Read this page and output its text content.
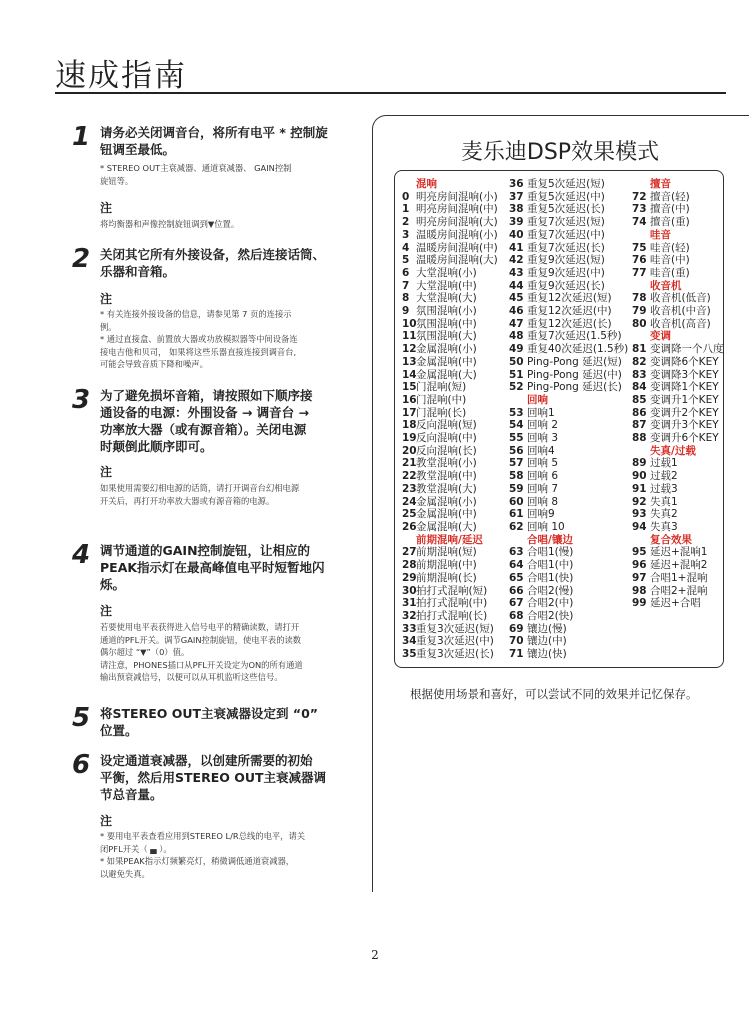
速成指南
1 请务必关闭调音台，将所有电平 * 控制旋
钮调至最低。
* STEREO OUT主衰减器、通道衰减器、 GAIN控制
旋钮等。
注
将均衡器和声像控制旋钮调到▼位置。
2 关闭其它所有外接设备，然后连接话筒、
乐器和音箱。
注
* 有关连接外接设备的信息，请参见第 7 页的连接示
例。
* 通过直接盒、前置放大器或功放模拟器等中间设备连
接电吉他和贝司， 如果将这些乐器直接连接到调音台,
可能会导致音质下降和噪声。
3 为了避免损坏音箱，请按照如下顺序接
通设备的电源：外围设备 → 调音台 →
功率放大器（或有源音箱）。关闭电源
时颠倒此顺序即可。
注
如果使用需要幻相电源的话筒，请打开调音台幻相电源
开关后，再打开功率放大器或有源音箱的电源。
4 调节通道的GAIN控制旋钮，让相应的
PEAK指示灯在最高峰值电平时短暂地闪
烁。
注
若要使用电平表获得进入信号电平的精确读数，请打开
通道的PFL开关。调节GAIN控制旋钮，使电平表的读数
偶尔超过 “▼”（0）值。
请注意，PHONES插口从PFL开关设定为ON的所有通道
输出预衰减信号，以便可以从耳机监听这些信号。
5 将STEREO OUT主衰减器设定到 “0”
位置。
6 设定通道衰减器，以创建所需要的初始
平衡，然后用STEREO OUT主衰减器调
节总音量。
注
* 要用电平表查看应用到STEREO L/R总线的电平，请关
闭PFL开关（ ▄ ）。
* 如果PEAK指示灯频繁亮灯，稍微调低通道衰减器，
以避免失真。
麦乐迪DSP效果模式
混响
0 明亮房间混响(小)
1 明亮房间混响(中)
2 明亮房间混响(大)
3 温暖房间混响(小)
4 温暖房间混响(中)
5 温暖房间混响(大)
6 大堂混响(小)
7 大堂混响(中)
8 大堂混响(大)
9 氛围混响(小)
10氛围混响(中)
11氛围混响(大)
12金属混响(小)
13金属混响(中)
14金属混响(大)
15门混响(短)
16门混响(中)
17门混响(长)
18反向混响(短)
19反向混响(中)
20反向混响(长)
21教堂混响(小)
22教堂混响(中)
23教堂混响(大)
24金属混响(小)
25金属混响(中)
26金属混响(大)
前期混响/延迟
27前期混响(短)
28前期混响(中)
29前期混响(长)
30拍打式混响(短)
31拍打式混响(中)
32拍打式混响(长)
33重复3次延迟(短)
34重复3次延迟(中)
35重复3次延迟(长)
36 重复5次延迟(短)
37 重复5次延迟(中)
38 重复5次延迟(长)
39 重复7次延迟(短)
40 重复7次延迟(中)
41 重复7次延迟(长)
42 重复9次延迟(短)
43 重复9次延迟(中)
44 重复9次延迟(长)
45 重复12次延迟(短)
46 重复12次延迟(中)
47 重复12次延迟(长)
48 重复7次延迟(1.5秒)
49 重复40次延迟(1.5秒)
50 Ping-Pong 延迟(短)
51 Ping-Pong 延迟(中)
52 Ping-Pong 延迟(长)
回响
53 回响1
54 回响 2
55 回响 3
56 回响4
57 回响 5
58 回响 6
59 回响 7
60 回响 8
61 回响9
62 回响 10
合唱/镶边
63 合唱1(慢)
64 合唱1(中)
65 合唱1(快)
66 合唱2(慢)
67 合唱2(中)
68 合唱2(快)
69 镶边(慢)
70 镶边(中)
71 镶边(快)
擅音
72 擅音(轻)
73 擅音(中)
74 擅音(重)
哇音
75 哇音(轻)
76 哇音(中)
77 哇音(重)
收音机
78 收音机(低音)
79 收音机(中音)
80 收音机(高音)
变调
81 变调降一个八度
82 变调降6个KEY
83 变调降3个KEY
84 变调降1个KEY
85 变调升1个KEY
86 变调升2个KEY
87 变调升3个KEY
88 变调升6个KEY
失真/过载
89 过载1
90 过载2
91 过载3
92 失真1
93 失真2
94 失真3
复合效果
95 延迟+混响1
96 延迟+混响2
97 合唱1+混响
98 合唱2+混响
99 延迟+合唱
根据使用场景和喜好，可以尝试不同的效果并记忆保存。
2
